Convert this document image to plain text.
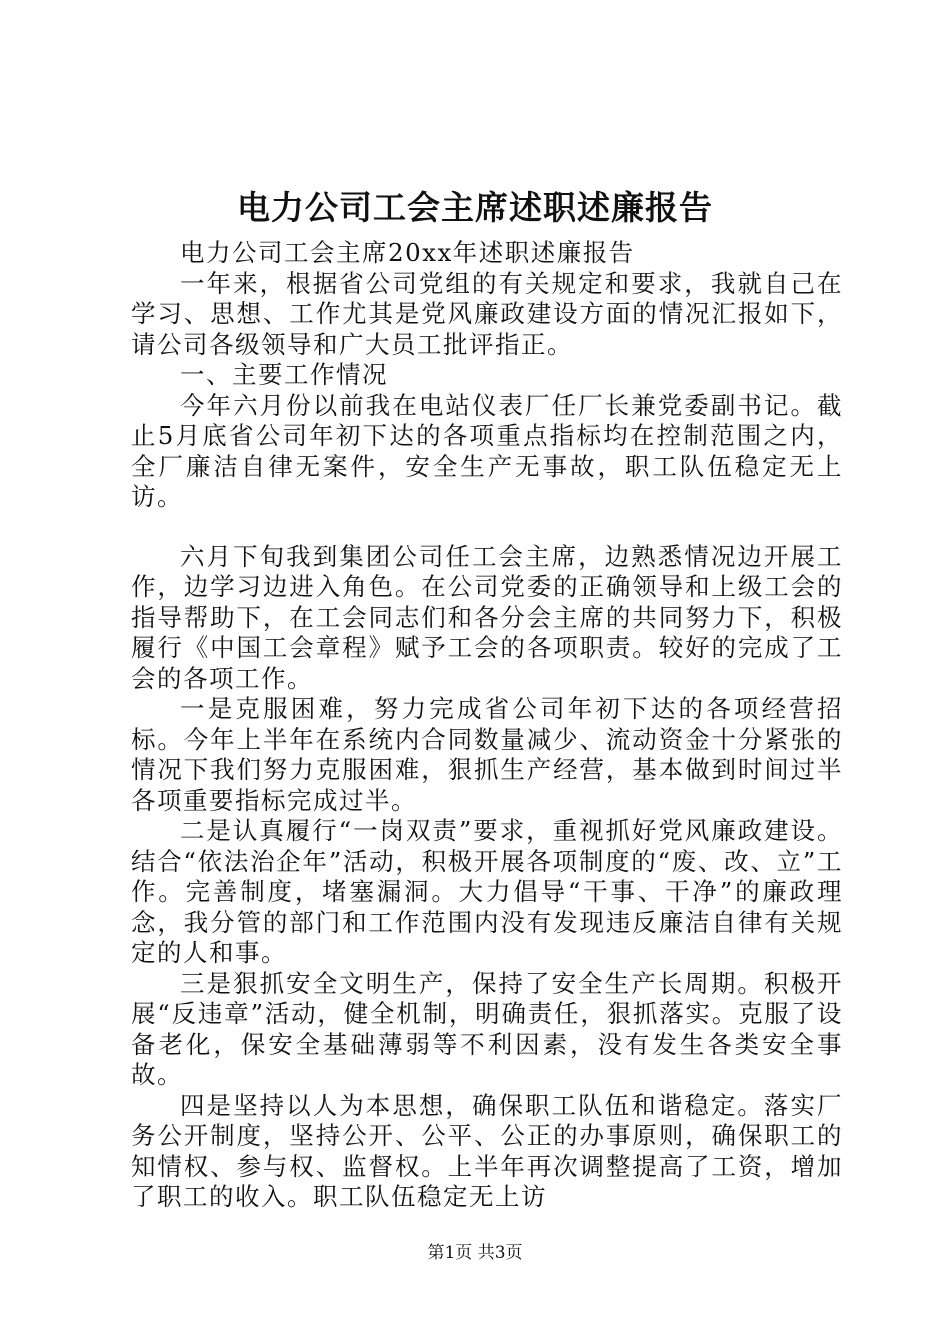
电力公司工会主席述职述廉报告

电力公司工会主席20xx年述职述廉报告

一年来，根据省公司党组的有关规定和要求，我就自己在学习、思想、工作尤其是党风廉政建设方面的情况汇报如下，请公司各级领导和广大员工批评指正。

一、主要工作情况

今年六月份以前我在电站仪表厂任厂长兼党委副书记。截止5月底省公司年初下达的各项重点指标均在控制范围之内，全厂廉洁自律无案件，安全生产无事故，职工队伍稳定无上访。

六月下旬我到集团公司任工会主席，边熟悉情况边开展工作，边学习边进入角色。在公司党委的正确领导和上级工会的指导帮助下，在工会同志们和各分会主席的共同努力下，积极履行《中国工会章程》赋予工会的各项职责。较好的完成了工会的各项工作。

一是克服困难，努力完成省公司年初下达的各项经营招标。今年上半年在系统内合同数量减少、流动资金十分紧张的情况下我们努力克服困难，狠抓生产经营，基本做到时间过半各项重要指标完成过半。

二是认真履行“一岗双责”要求，重视抓好党风廉政建设。结合“依法治企年”活动，积极开展各项制度的“废、改、立”工作。完善制度，堵塞漏洞。大力倡导“干事、干净”的廉政理念，我分管的部门和工作范围内没有发现违反廉洁自律有关规定的人和事。

三是狠抓安全文明生产，保持了安全生产长周期。积极开展“反违章”活动，健全机制，明确责任，狠抓落实。克服了设备老化，保安全基础薄弱等不利因素，没有发生各类安全事故。

四是坚持以人为本思想，确保职工队伍和谐稳定。落实厂务公开制度，坚持公开、公平、公正的办事原则，确保职工的知情权、参与权、监督权。上半年再次调整提高了工资，增加了职工的收入。职工队伍稳定无上访

第1页 共3页
